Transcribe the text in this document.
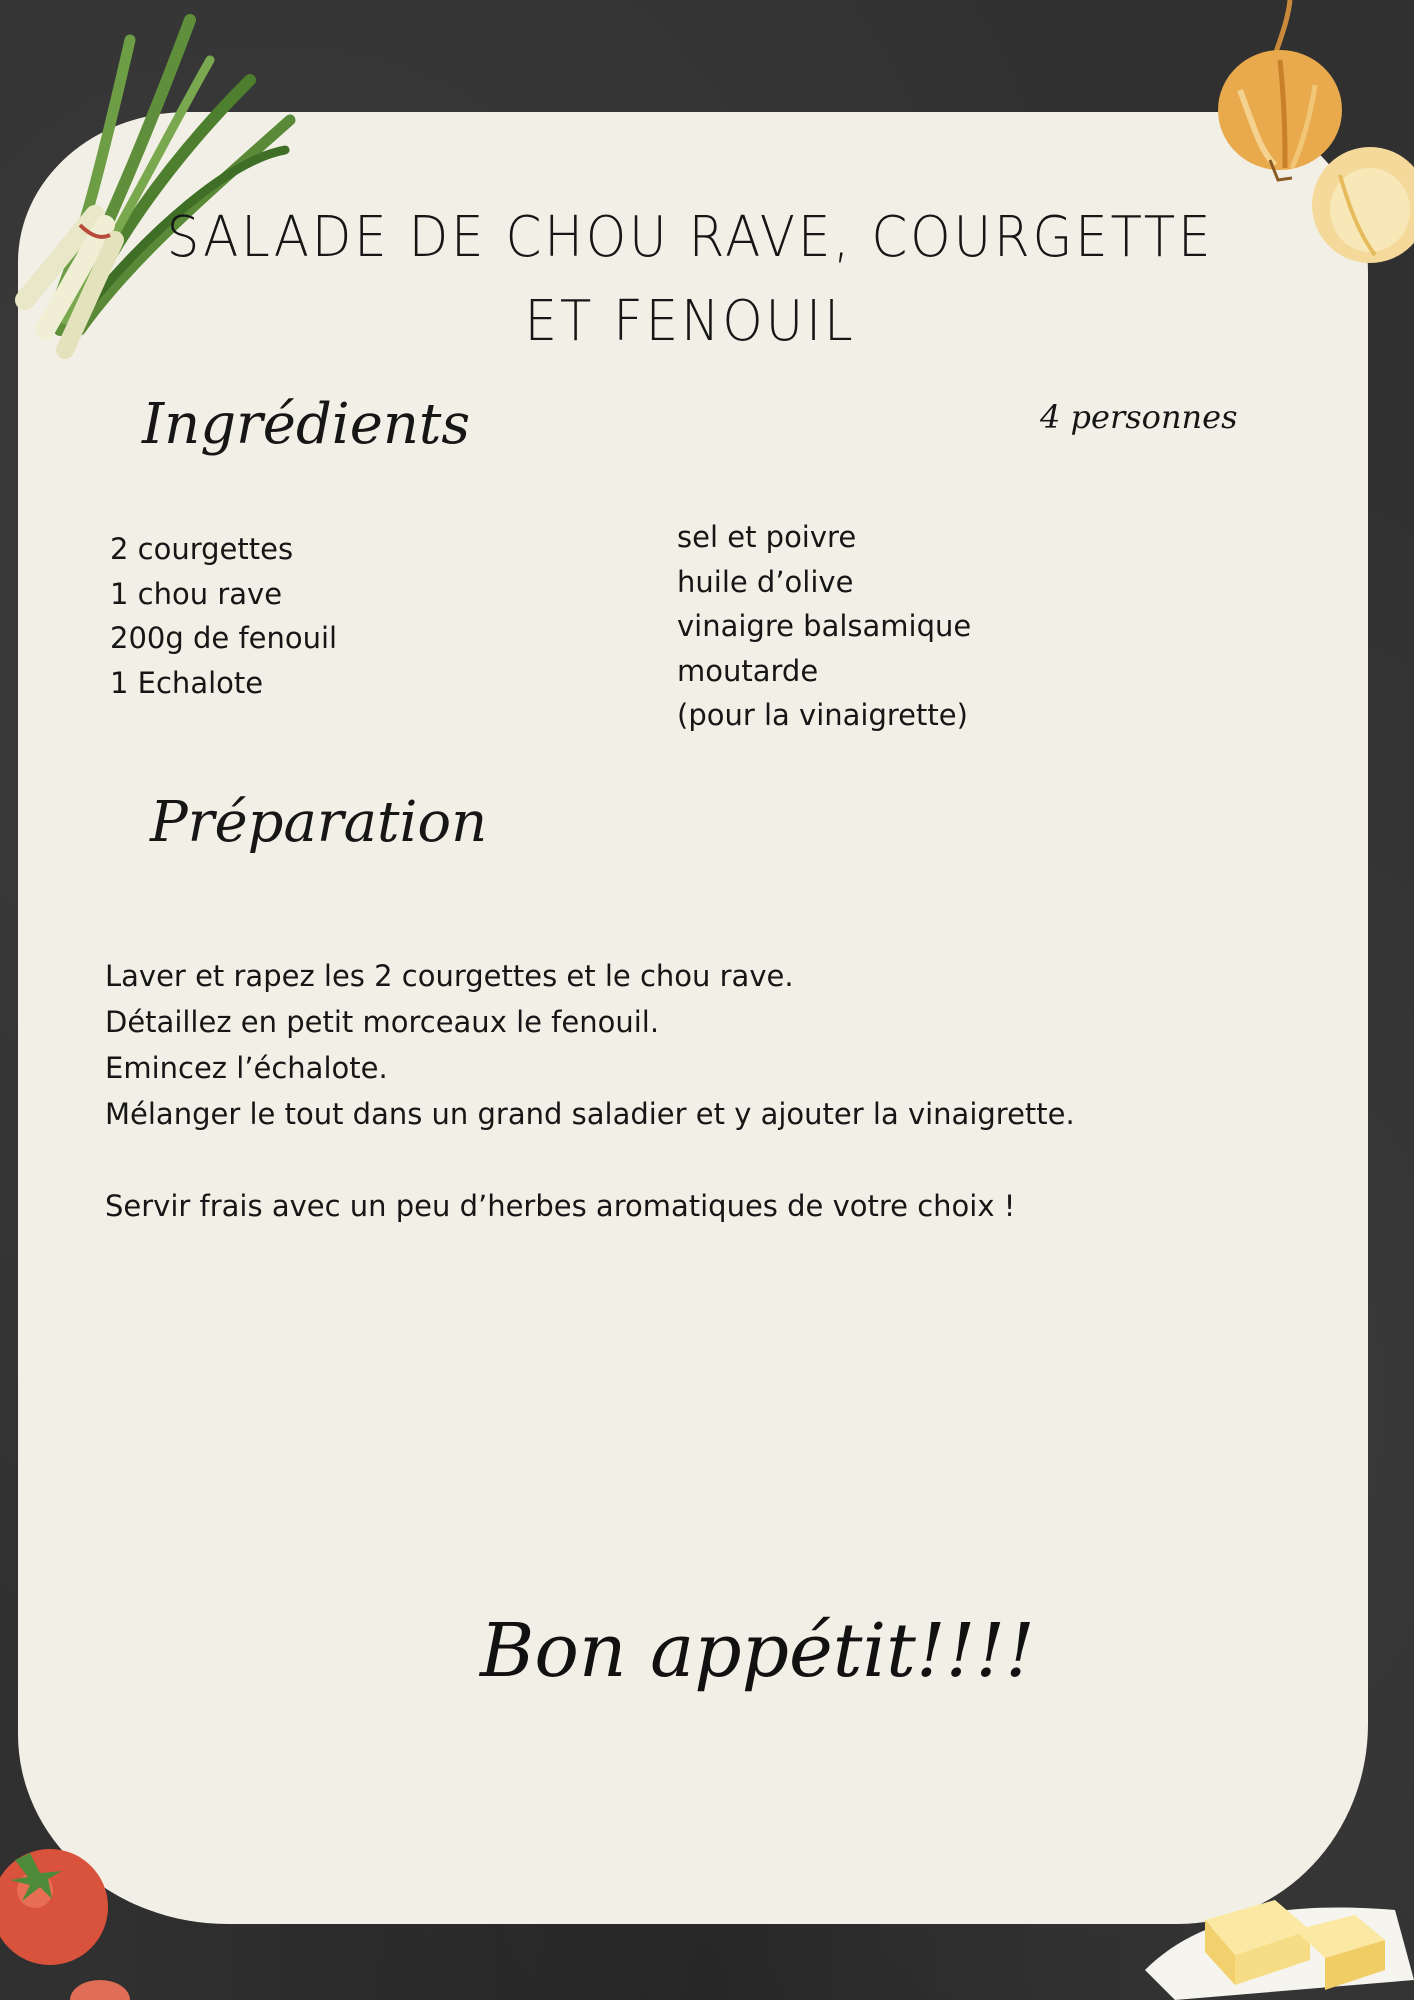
SALADE DE CHOU RAVE, COURGETTE ET FENOUIL
Ingrédients	4 personnes
2 courgettes
1 chou rave
200g de fenouil
1 Echalote
sel et poivre
huile d’olive
vinaigre balsamique
moutarde
(pour la vinaigrette)
Préparation

Laver et rapez les 2 courgettes et le chou rave.

Détaillez en petit morceaux le fenouil.

Emincez l’échalote.

Mélanger le tout dans un grand saladier et y ajouter la vinaigrette.

Servir frais avec un peu d’herbes aromatiques de votre choix !

Bon appétit!!!!
